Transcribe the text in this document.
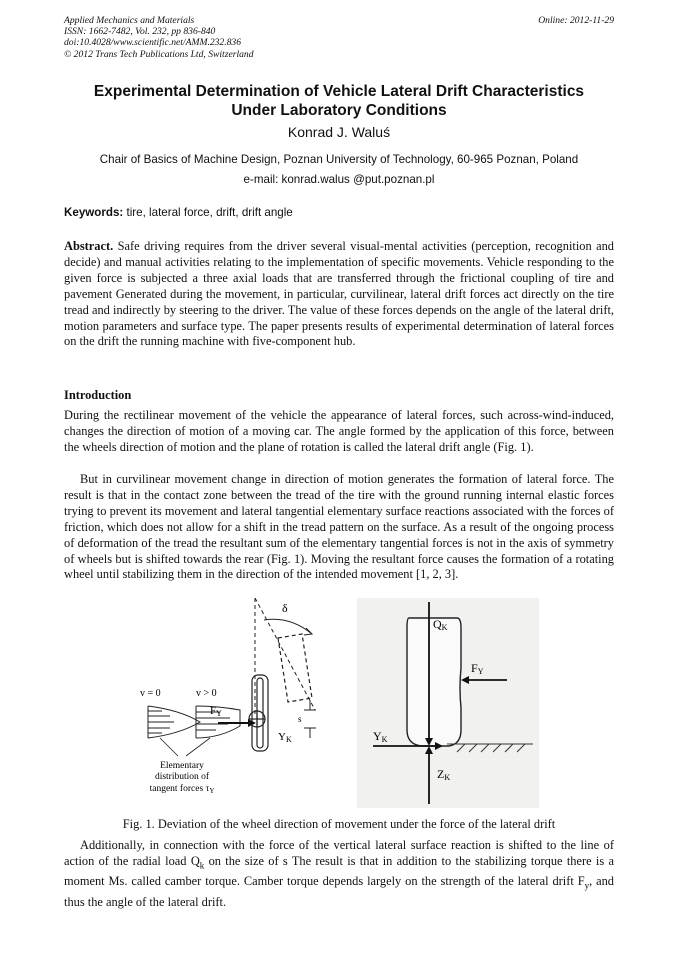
Applied Mechanics and Materials
ISSN: 1662-7482, Vol. 232, pp 836-840
doi:10.4028/www.scientific.net/AMM.232.836
© 2012 Trans Tech Publications Ltd, Switzerland
Online: 2012-11-29
Experimental Determination of Vehicle Lateral Drift Characteristics
Under Laboratory Conditions
Konrad J. Waluś
Chair of Basics of Machine Design, Poznan University of Technology, 60-965 Poznan, Poland
e-mail: konrad.walus @put.poznan.pl
Keywords: tire, lateral force, drift, drift angle
Abstract. Safe driving requires from the driver several visual-mental activities (perception, recognition and decide) and manual activities relating to the implementation of specific movements. Vehicle responding to the given force is subjected a three axial loads that are transferred through the frictional coupling of tire and pavement Generated during the movement, in particular, curvilinear, lateral drift forces act directly on the tire tread and indirectly by steering to the driver. The value of these forces depends on the angle of the lateral drift, motion parameters and surface type. The paper presents results of experimental determination of lateral forces on the drift the running machine with five-component hub.
Introduction
During the rectilinear movement of the vehicle the appearance of lateral forces, such across-wind-induced, changes the direction of motion of a moving car. The angle formed by the application of this force, between the wheels direction of motion and the plane of rotation is called the lateral drift angle (Fig. 1).
But in curvilinear movement change in direction of motion generates the formation of lateral force. The result is that in the contact zone between the tread of the tire with the ground running internal elastic forces trying to prevent its movement and lateral tangential elementary surface reactions associated with the forces of friction, which does not allow for a shift in the tread pattern on the surface. As a result of the ongoing process of deformation of the tread the resultant sum of the elementary tangential forces is not in the axis of symmetry of wheels but is shifted towards the rear (Fig. 1). Moving the resultant force causes the formation of a rotating wheel until stabilizing them in the direction of the intended movement [1, 2, 3].
δ
v = 0	v > 0
FY
YK
s
Elementary
distribution of
tangent forces $\tau_Y$
QK
FY
YK
ZK
Fig. 1. Deviation of the wheel direction of movement under the force of the lateral drift
Additionally, in connection with the force of the vertical lateral surface reaction is shifted to the line of action of the radial load $Q_k$ on the size of s The result is that in addition to the stabilizing torque there is a moment Ms. called camber torque. Camber torque depends largely on the strength of the lateral drift $F_y$, and thus the angle of the lateral drift.
